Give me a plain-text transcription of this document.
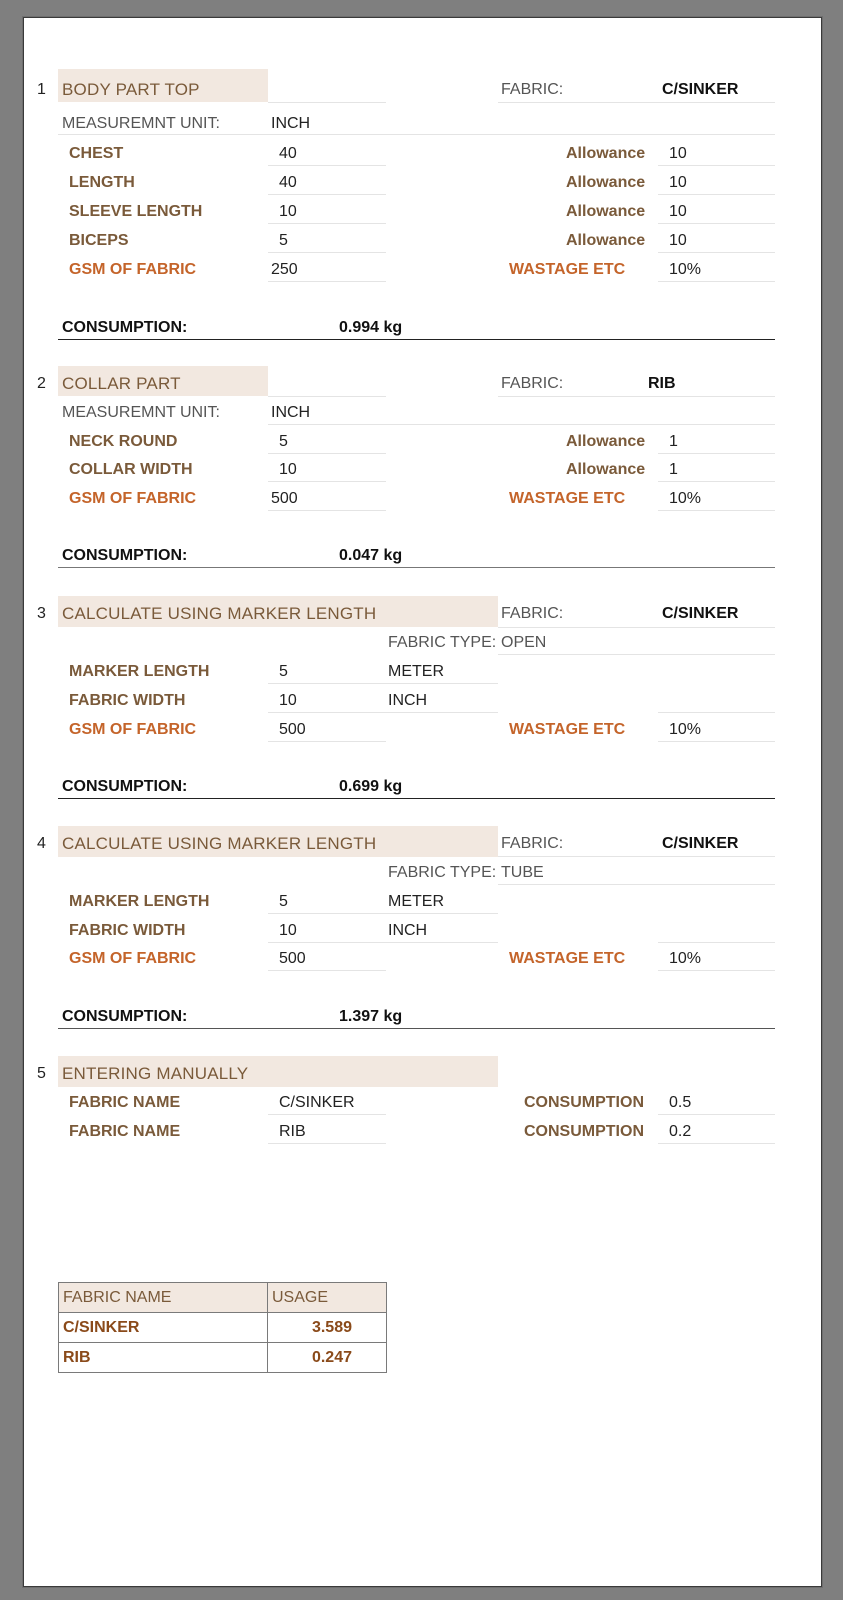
1 BODY PART TOP	FABRIC:	C/SINKER
MEASUREMNT UNIT:	INCH
CHEST	40	Allowance 10
LENGTH	40	Allowance 10
SLEEVE LENGTH	10	Allowance 10
BICEPS	5	Allowance 10
GSM OF FABRIC	250	WASTAGE ETC	10%
CONSUMPTION:	0.994 kg
2 COLLAR PART	FABRIC:	RIB
MEASUREMNT UNIT:	INCH
NECK ROUND	5	Allowance 1
COLLAR WIDTH	10	Allowance 1
GSM OF FABRIC	500	WASTAGE ETC	10%
CONSUMPTION:	0.047 kg
3 CALCULATE USING MARKER LENGTH	FABRIC:	C/SINKER
FABRIC TYPE: OPEN
MARKER LENGTH	5	METER
FABRIC WIDTH	10	INCH
GSM OF FABRIC	500	WASTAGE ETC	10%
CONSUMPTION:	0.699 kg
4 CALCULATE USING MARKER LENGTH	FABRIC:	C/SINKER
FABRIC TYPE: TUBE
MARKER LENGTH	5	METER
FABRIC WIDTH	10	INCH
GSM OF FABRIC	500	WASTAGE ETC	10%
CONSUMPTION:	1.397 kg
5 ENTERING MANUALLY
FABRIC NAME	C/SINKER	CONSUMPTION 0.5
FABRIC NAME	RIB	CONSUMPTION 0.2
FABRIC NAME	USAGE
C/SINKER	3.589
RIB	0.247
